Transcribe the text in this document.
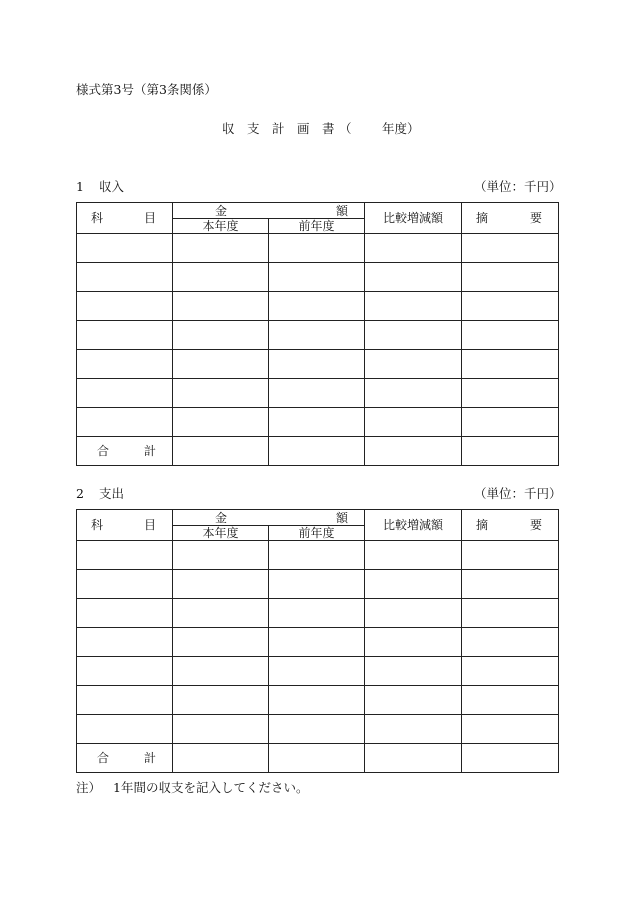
様式第3号（第3条関係）
収 支 計 画 書 （ 年度）
1 収入	（単位：千円）
科 目	金 額		比較増減額	摘 要

	本年度	前年度		

合 計				

2 支出	（単位：千円）
科 目	金 額		比較増減額	摘 要

	本年度	前年度		

合 計				

注） 1年間の収支を記入してください。
